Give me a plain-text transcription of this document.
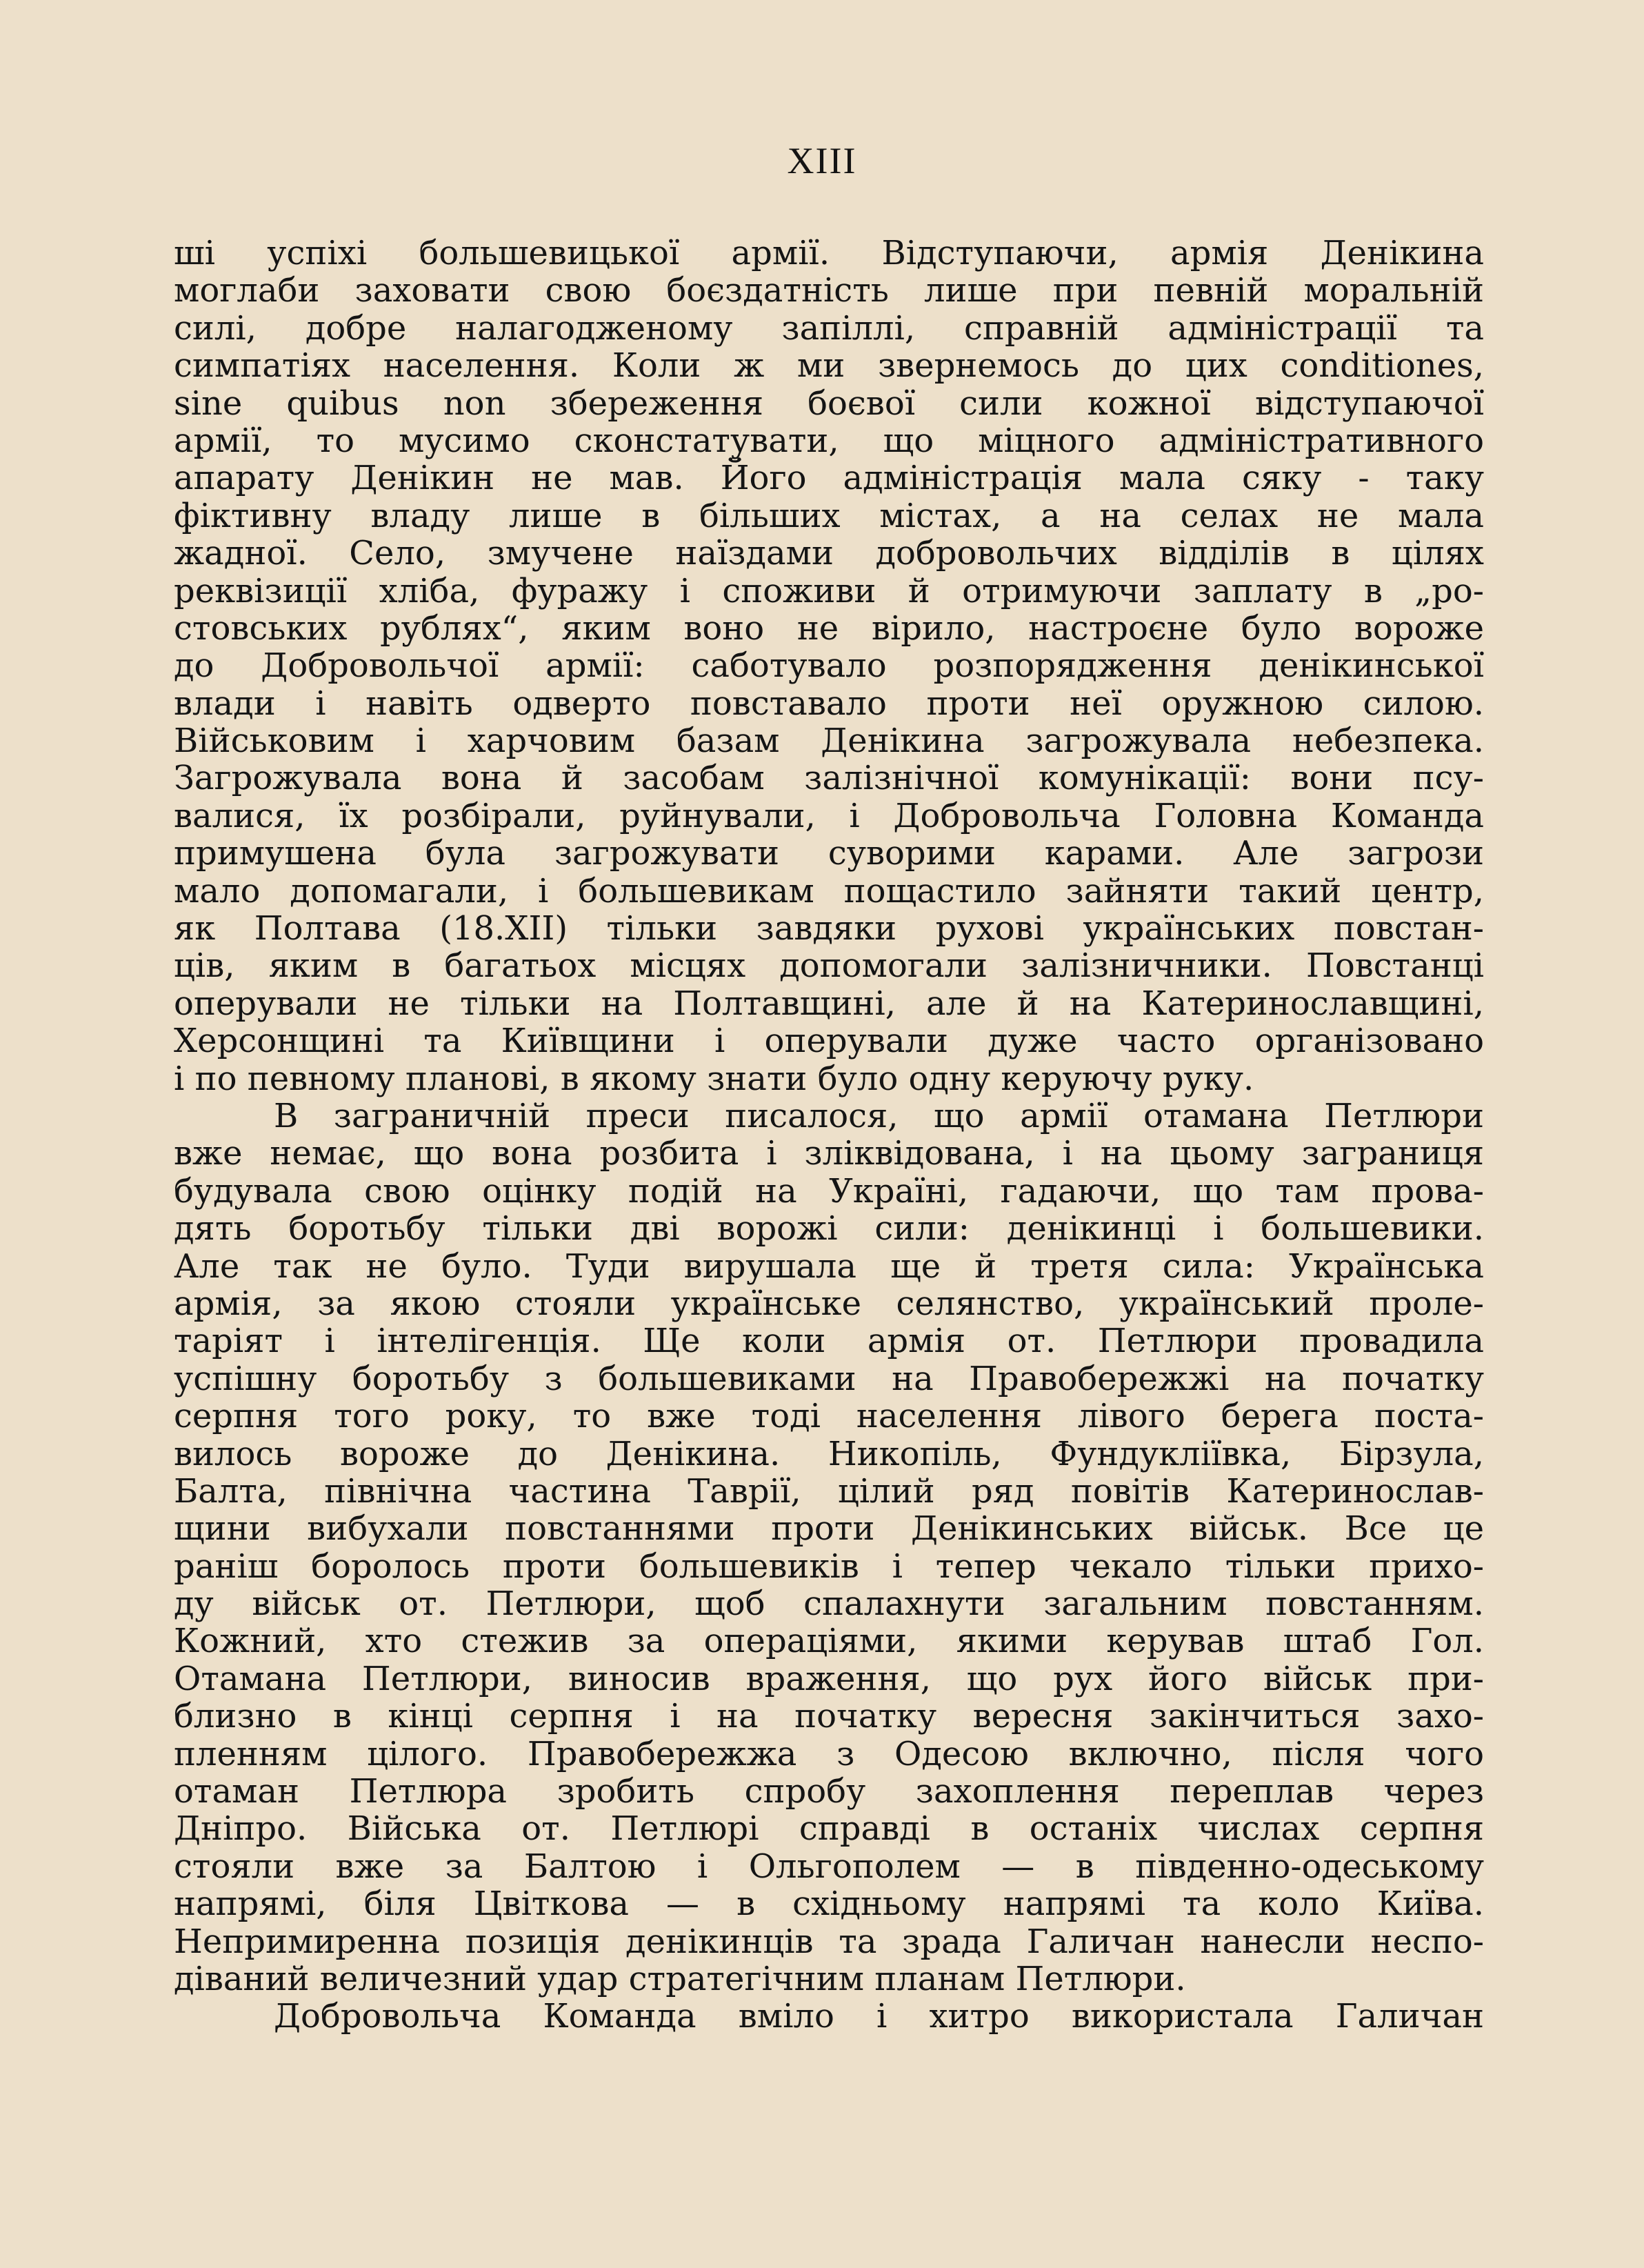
XIII
ші успіхі большевицької армії. Відступаючи, армія Денікина
моглаби заховати свою боєздатність лише при певній моральній
силі, добре налагодженому запіллі, справній адміністрації та
симпатіях населення. Коли ж ми звернемось до цих conditiones,
sine quibus non збереження боєвої сили кожної відступаючої
армії, то мусимо сконстатувати, що міцного адміністративного
апарату Денікин не мав. Його адміністрація мала сяку - таку
фіктивну владу лише в більших містах, а на селах не мала
жадної. Село, змучене наїздами добровольчих відділів в цілях
реквізиції хліба, фуражу і споживи й отримуючи заплату в „ро-
стовських рублях“, яким воно не вірило, настроєне було вороже
до Добровольчої армії: саботувало розпорядження денікинської
влади і навіть одверто повставало проти неї оружною силою.
Військовим і харчовим базам Денікина загрожувала небезпека.
Загрожувала вона й засобам залізнічної комунікації: вони псу-
валися, їх розбірали, руйнували, і Добровольча Головна Команда
примушена була загрожувати суворими карами. Але загрози
мало допомагали, і большевикам пощастило зайняти такий центр,
як Полтава (18.XII) тільки завдяки рухові українських повстан-
ців, яким в багатьох місцях допомогали залізничники. Повстанці
оперували не тільки на Полтавщині, але й на Катеринославщині,
Херсонщині та Київщини і оперували дуже часто організовано
і по певному планові, в якому знати було одну керуючу руку.
В заграничній преси писалося, що армії отамана Петлюри
вже немає, що вона розбита і зліквідована, і на цьому заграниця
будувала свою оцінку подій на Україні, гадаючи, що там прова-
дять боротьбу тільки дві ворожі сили: денікинці і большевики.
Але так не було. Туди вирушала ще й третя сила: Українська
армія, за якою стояли українське селянство, український проле-
таріят і інтелігенція. Ще коли армія от. Петлюри провадила
успішну боротьбу з большевиками на Правобережжі на початку
серпня того року, то вже тоді населення лівого берега поста-
вилось вороже до Денікина. Никопіль, Фундукліївка, Бірзула,
Балта, північна частина Таврії, цілий ряд повітів Катеринослав-
щини вибухали повстаннями проти Денікинських військ. Все це
раніш боролось проти большевиків і тепер чекало тільки прихо-
ду військ от. Петлюри, щоб спалахнути загальним повстанням.
Кожний, хто стежив за операціями, якими керував штаб Гол.
Отамана Петлюри, виносив враження, що рух його військ при-
близно в кінці серпня і на початку вересня закінчиться захо-
пленням цілого. Правобережжа з Одесою включно, після чого
отаман Петлюра зробить спробу захоплення переплав через
Дніпро. Війська от. Петлюрі справді в останіх числах серпня
стояли вже за Балтою і Ольгополем — в південно-одеському
напрямі, біля Цвіткова — в східньому напрямі та коло Київа.
Непримиренна позиція денікинців та зрада Галичан нанесли неспо-
діваний величезний удар стратегічним планам Петлюри.
Добровольча Команда вміло і хитро використала Галичан
